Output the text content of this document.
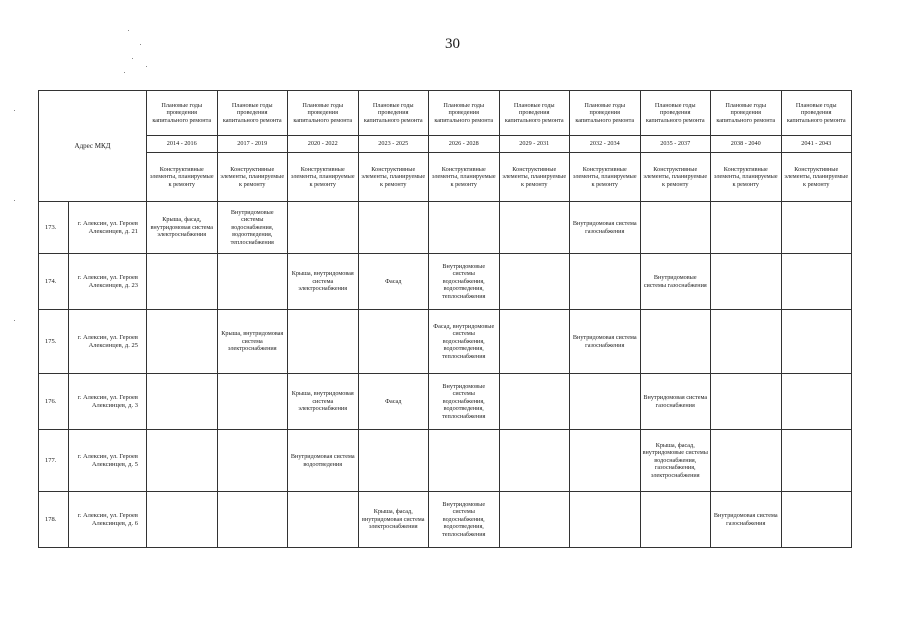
30
Адрес МКД		Плановые годы проведения капитального ремонта	Плановые годы проведения капитального ремонта	Плановые годы проведения капитального ремонта	Плановые годы проведения капитального ремонта	Плановые годы проведения капитального ремонта	Плановые годы проведения капитального ремонта	Плановые годы проведения капитального ремонта	Плановые годы проведения капитального ремонта	Плановые годы проведения капитального ремонта	Плановые годы проведения капитального ремонта
		2014 - 2016	2017 - 2019	2020 - 2022	2023 - 2025	2026 - 2028	2029 - 2031	2032 - 2034	2035 - 2037	2038 - 2040	2041 - 2043
		Конструктивные элементы, планируемые к ремонту	Конструктивные элементы, планируемые к ремонту	Конструктивные элементы, планируемые к ремонту	Конструктивные элементы, планируемые к ремонту	Конструктивные элементы, планируемые к ремонту	Конструктивные элементы, планируемые к ремонту	Конструктивные элементы, планируемые к ремонту	Конструктивные элементы, планируемые к ремонту	Конструктивные элементы, планируемые к ремонту	Конструктивные элементы, планируемые к ремонту
173.	г. Алексин, ул. Героев Алексинцев, д. 21	Крыша, фасад, внутридомовая система электроснабжения	Внутридомовые системы водоснабжения, водоотведения, теплоснабжения					Внутридомовая система газоснабжения			
174.	г. Алексин, ул. Героев Алексинцев, д. 23			Крыша, внутридомовая система электроснабжения	Фасад	Внутридомовые системы водоснабжения, водоотведения, теплоснабжения			Внутридомовые системы газоснабжения		
175.	г. Алексин, ул. Героев Алексинцев, д. 25		Крыша, внутридомовая система электроснабжения			Фасад, внутридомовые системы водоснабжения, водоотведения, теплоснабжения		Внутридомовая система газоснабжения			
176.	г. Алексин, ул. Героев Алексинцев, д. 3			Крыша, внутридомовая система электроснабжения	Фасад	Внутридомовые системы водоснабжения, водоотведения, теплоснабжения			Внутридомовая система газоснабжения		
177.	г. Алексин, ул. Героев Алексинцев, д. 5			Внутридомовая система водоотведения					Крыша, фасад, внутридомовые системы водоснабжения, газоснабжения, электроснабжения		
178.	г. Алексин, ул. Героев Алексинцев, д. 6				Крыша, фасад, внутридомовая система электроснабжения	Внутридомовые системы водоснабжения, водоотведения, теплоснабжения				Внутридомовая система газоснабжения	
